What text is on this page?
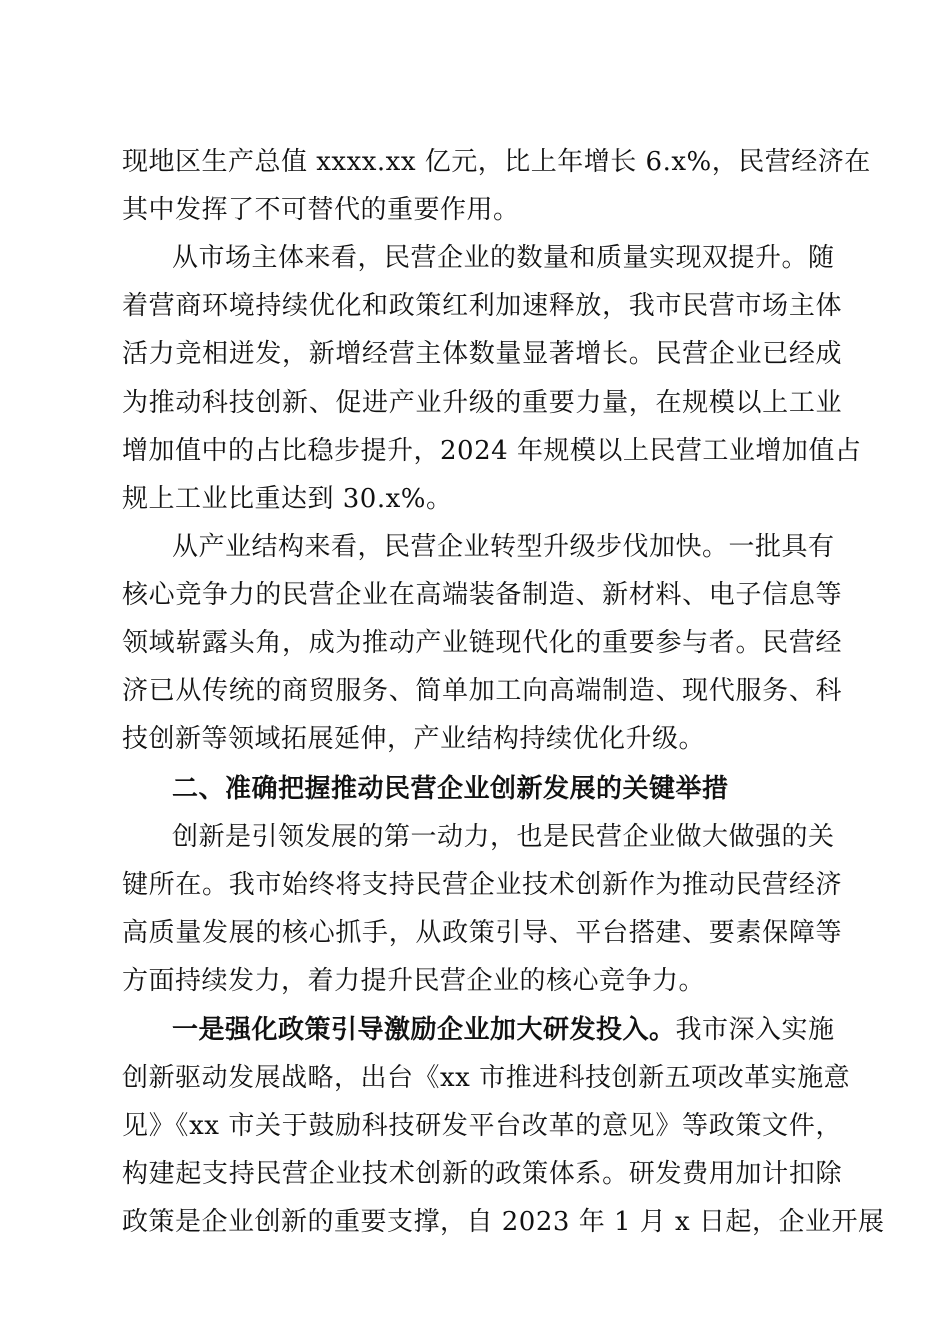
现地区生产总值 xxxx.xx 亿元，比上年增长 6.x%，民营经济在
其中发挥了不可替代的重要作用。
从市场主体来看，民营企业的数量和质量实现双提升。随
着营商环境持续优化和政策红利加速释放，我市民营市场主体
活力竞相迸发，新增经营主体数量显著增长。民营企业已经成
为推动科技创新、促进产业升级的重要力量，在规模以上工业
增加值中的占比稳步提升，2024 年规模以上民营工业增加值占
规上工业比重达到 30.x%。
从产业结构来看，民营企业转型升级步伐加快。一批具有
核心竞争力的民营企业在高端装备制造、新材料、电子信息等
领域崭露头角，成为推动产业链现代化的重要参与者。民营经
济已从传统的商贸服务、简单加工向高端制造、现代服务、科
技创新等领域拓展延伸，产业结构持续优化升级。
二、准确把握推动民营企业创新发展的关键举措
创新是引领发展的第一动力，也是民营企业做大做强的关
键所在。我市始终将支持民营企业技术创新作为推动民营经济
高质量发展的核心抓手，从政策引导、平台搭建、要素保障等
方面持续发力，着力提升民营企业的核心竞争力。
一是强化政策引导激励企业加大研发投入。我市深入实施
创新驱动发展战略，出台《xx 市推进科技创新五项改革实施意
见》《xx 市关于鼓励科技研发平台改革的意见》等政策文件，
构建起支持民营企业技术创新的政策体系。研发费用加计扣除
政策是企业创新的重要支撑，自 2023 年 1 月 x 日起，企业开展
